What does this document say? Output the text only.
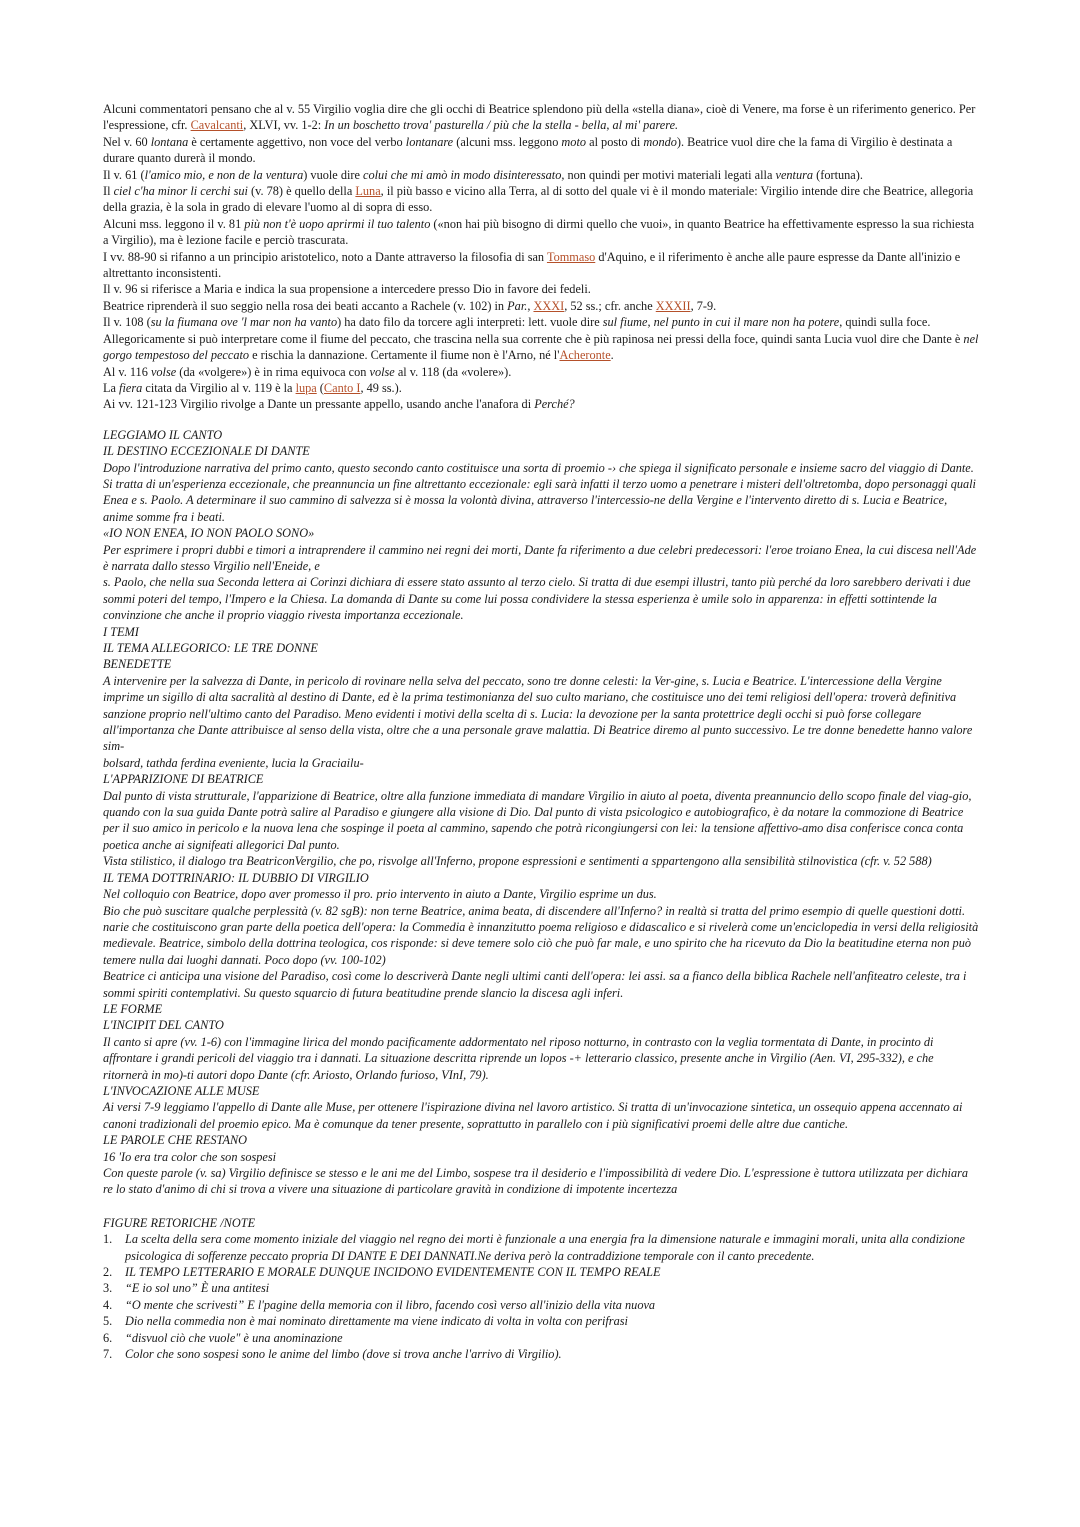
Alcuni commentatori pensano che al v. 55 Virgilio voglia dire che gli occhi di Beatrice splendono più della «stella diana», cioè di Venere, ma forse è un riferimento generico. Per l'espressione, cfr. Cavalcanti, XLVI, vv. 1-2: In un boschetto trova' pasturella / più che la stella - bella, al mi' parere.

Nel v. 60 lontana è certamente aggettivo, non voce del verbo lontanare (alcuni mss. leggono moto al posto di mondo). Beatrice vuol dire che la fama di Virgilio è destinata a durare quanto durerà il mondo.

Il v. 61 (l'amico mio, e non de la ventura) vuole dire colui che mi amò in modo disinteressato, non quindi per motivi materiali legati alla ventura (fortuna).

Il ciel c'ha minor li cerchi sui (v. 78) è quello della Luna, il più basso e vicino alla Terra, al di sotto del quale vi è il mondo materiale: Virgilio intende dire che Beatrice, allegoria della grazia, è la sola in grado di elevare l'uomo al di sopra di esso.

Alcuni mss. leggono il v. 81 più non t'è uopo aprirmi il tuo talento («non hai più bisogno di dirmi quello che vuoi», in quanto Beatrice ha effettivamente espresso la sua richiesta a Virgilio), ma è lezione facile e perciò trascurata.

I vv. 88-90 si rifanno a un principio aristotelico, noto a Dante attraverso la filosofia di san Tommaso d'Aquino, e il riferimento è anche alle paure espresse da Dante all'inizio e altrettanto inconsistenti.

Il v. 96 si riferisce a Maria e indica la sua propensione a intercedere presso Dio in favore dei fedeli.

Beatrice riprenderà il suo seggio nella rosa dei beati accanto a Rachele (v. 102) in Par., XXXI, 52 ss.; cfr. anche XXXII, 7-9.

Il v. 108 (su la fiumana ove 'l mar non ha vanto) ha dato filo da torcere agli interpreti: lett. vuole dire sul fiume, nel punto in cui il mare non ha potere, quindi sulla foce. Allegoricamente si può interpretare come il fiume del peccato, che trascina nella sua corrente che è più rapinosa nei pressi della foce, quindi santa Lucia vuol dire che Dante è nel gorgo tempestoso del peccato e rischia la dannazione. Certamente il fiume non è l'Arno, né l'Acheronte.

Al v. 116 volse (da «volgere») è in rima equivoca con volse al v. 118 (da «volere»).

La fiera citata da Virgilio al v. 119 è la lupa (Canto I, 49 ss.).

Ai vv. 121-123 Virgilio rivolge a Dante un pressante appello, usando anche l'anafora di Perché?

LEGGIAMO IL CANTO

IL DESTINO ECCEZIONALE DI DANTE

Dopo l'introduzione narrativa del primo canto, questo secondo canto costituisce una sorta di proemio -› che spiega il significato personale e insieme sacro del viaggio di Dante.

Si tratta di un'esperienza eccezionale, che preannuncia un fine altrettanto eccezionale: egli sarà infatti il terzo uomo a penetrare i misteri dell'oltretomba, dopo personaggi quali Enea e s. Paolo. A determinare il suo cammino di salvezza si è mossa la volontà divina, attraverso l'intercessio-ne della Vergine e l'intervento diretto di s. Lucia e Beatrice,

anime somme fra i beati.

«IO NON ENEA, IO NON PAOLO SONO»

Per esprimere i propri dubbi e timori a intraprendere il cammino nei regni dei morti, Dante fa riferimento a due celebri predecessori: l'eroe troiano Enea, la cui discesa nell'Ade è narrata dallo stesso Virgilio nell'Eneide, e

s. Paolo, che nella sua Seconda lettera ai Corinzi dichiara di essere stato assunto al terzo cielo. Si tratta di due esempi illustri, tanto più perché da loro sarebbero derivati i due sommi poteri del tempo, l'Impero e la Chiesa. La domanda di Dante su come lui possa condividere la stessa esperienza è umile solo in apparenza: in effetti sottintende la convinzione che anche il proprio viaggio rivesta importanza eccezionale.

I TEMI

IL TEMA ALLEGORICO: LE TRE DONNE

BENEDETTE

A intervenire per la salvezza di Dante, in pericolo di rovinare nella selva del peccato, sono tre donne celesti: la Ver-gine, s. Lucia e Beatrice. L'intercessione della Vergine imprime un sigillo di alta sacralità al destino di Dante, ed è la prima testimonianza del suo culto mariano, che costituisce uno dei temi religiosi dell'opera: troverà definitiva sanzione proprio nell'ultimo canto del Paradiso. Meno evidenti i motivi della scelta di s. Lucia: la devozione per la santa protettrice degli occhi si può forse collegare all'importanza che Dante attribuisce al senso della vista, oltre che a una personale grave malattia. Di Beatrice diremo al punto successivo. Le tre donne benedette hanno valore sim-

bolsard, tathda ferdina eveniente, lucia la Graciailu-

L'APPARIZIONE DI BEATRICE

Dal punto di vista strutturale, l'apparizione di Beatrice, oltre alla funzione immediata di mandare Virgilio in aiuto al poeta, diventa preannuncio dello scopo finale del viag-gio, quando con la sua guida Dante potrà salire al Paradiso e giungere alla visione di Dio. Dal punto di vista psicologico e autobiografico, è da notare la commozione di Beatrice per il suo amico in pericolo e la nuova lena che sospinge il poeta al cammino, sapendo che potrà ricongiungersi con lei: la tensione affettivo-amo disa conferisce conca conta poetica anche ai signifeati allegorici Dal punto.

Vista stilistico, il dialogo tra BeatriconVergilio, che po, risvolge all'Inferno, propone espressioni e sentimenti a sppartengono alla sensibilità stilnovistica (cfr. v. 52 588)

IL TEMA DOTTRINARIO: IL DUBBIO DI VIRGILIO

Nel colloquio con Beatrice, dopo aver promesso il pro. prio intervento in aiuto a Dante, Virgilio esprime un dus.

Bio che può suscitare qualche perplessità (v. 82 sgB): non terne Beatrice, anima beata, di discendere all'Inferno? in realtà si tratta del primo esempio di quelle questioni dotti. narie che costituiscono gran parte della poetica dell'opera: la Commedia è innanzitutto poema religioso e didascalico e si rivelerà come un'enciclopedia in versi della religiosità medievale. Beatrice, simbolo della dottrina teologica, cos risponde: si deve temere solo ciò che può far male, e uno spirito che ha ricevuto da Dio la beatitudine eterna non può temere nulla dai luoghi dannati. Poco dopo (vv. 100-102)

Beatrice ci anticipa una visione del Paradiso, così come lo descriverà Dante negli ultimi canti dell'opera: lei assi. sa a fianco della biblica Rachele nell'anfiteatro celeste, tra i sommi spiriti contemplativi. Su questo squarcio di futura beatitudine prende slancio la discesa agli inferi.

LE FORME

L'INCIPIT DEL CANTO

Il canto si apre (vv. 1-6) con l'immagine lirica del mondo pacificamente addormentato nel riposo notturno, in contrasto con la veglia tormentata di Dante, in procinto di affrontare i grandi pericoli del viaggio tra i dannati. La situazione descritta riprende un lopos -+ letterario classico, presente anche in Virgilio (Aen. VI, 295-332), e che ritornerà in mo)-ti autori dopo Dante (cfr. Ariosto, Orlando furioso, VInI, 79).

L'INVOCAZIONE ALLE MUSE

Ai versi 7-9 leggiamo l'appello di Dante alle Muse, per ottenere l'ispirazione divina nel lavoro artistico. Si tratta di un'invocazione sintetica, un ossequio appena accennato ai canoni tradizionali del proemio epico. Ma è comunque da tener presente, soprattutto in parallelo con i più significativi proemi delle altre due cantiche.

LE PAROLE CHE RESTANO

16 'Io era tra color che son sospesi

Con queste parole (v. sa) Virgilio definisce se stesso e le ani me del Limbo, sospese tra il desiderio e l'impossibilità di vedere Dio. L'espressione è tuttora utilizzata per dichiara re lo stato d'animo di chi si trova a vivere una situazione di particolare gravità in condizione di impotente incertezza

FIGURE RETORICHE /NOTE

1.	La scelta della sera come momento iniziale del viaggio nel regno dei morti è funzionale a una energia fra la dimensione naturale e immagini morali, unita alla condizione psicologica di sofferenze peccato propria DI DANTE E DEI DANNATI.Ne deriva però la contraddizione temporale con il canto precedente.
2.	IL TEMPO LETTERARIO E MORALE DUNQUE INCIDONO EVIDENTEMENTE CON IL TEMPO REALE
3.	“E io sol uno” È una antitesi
4.	“O mente che scrivesti” E l'pagine della memoria con il libro, facendo così verso all'inizio della vita nuova
5.	Dio nella commedia non è mai nominato direttamente ma viene indicato di volta in volta con perifrasi
6.	“disvuol ciò che vuole" è una anominazione
7.	Color che sono sospesi sono le anime del limbo (dove si trova anche l'arrivo di Virgilio).
